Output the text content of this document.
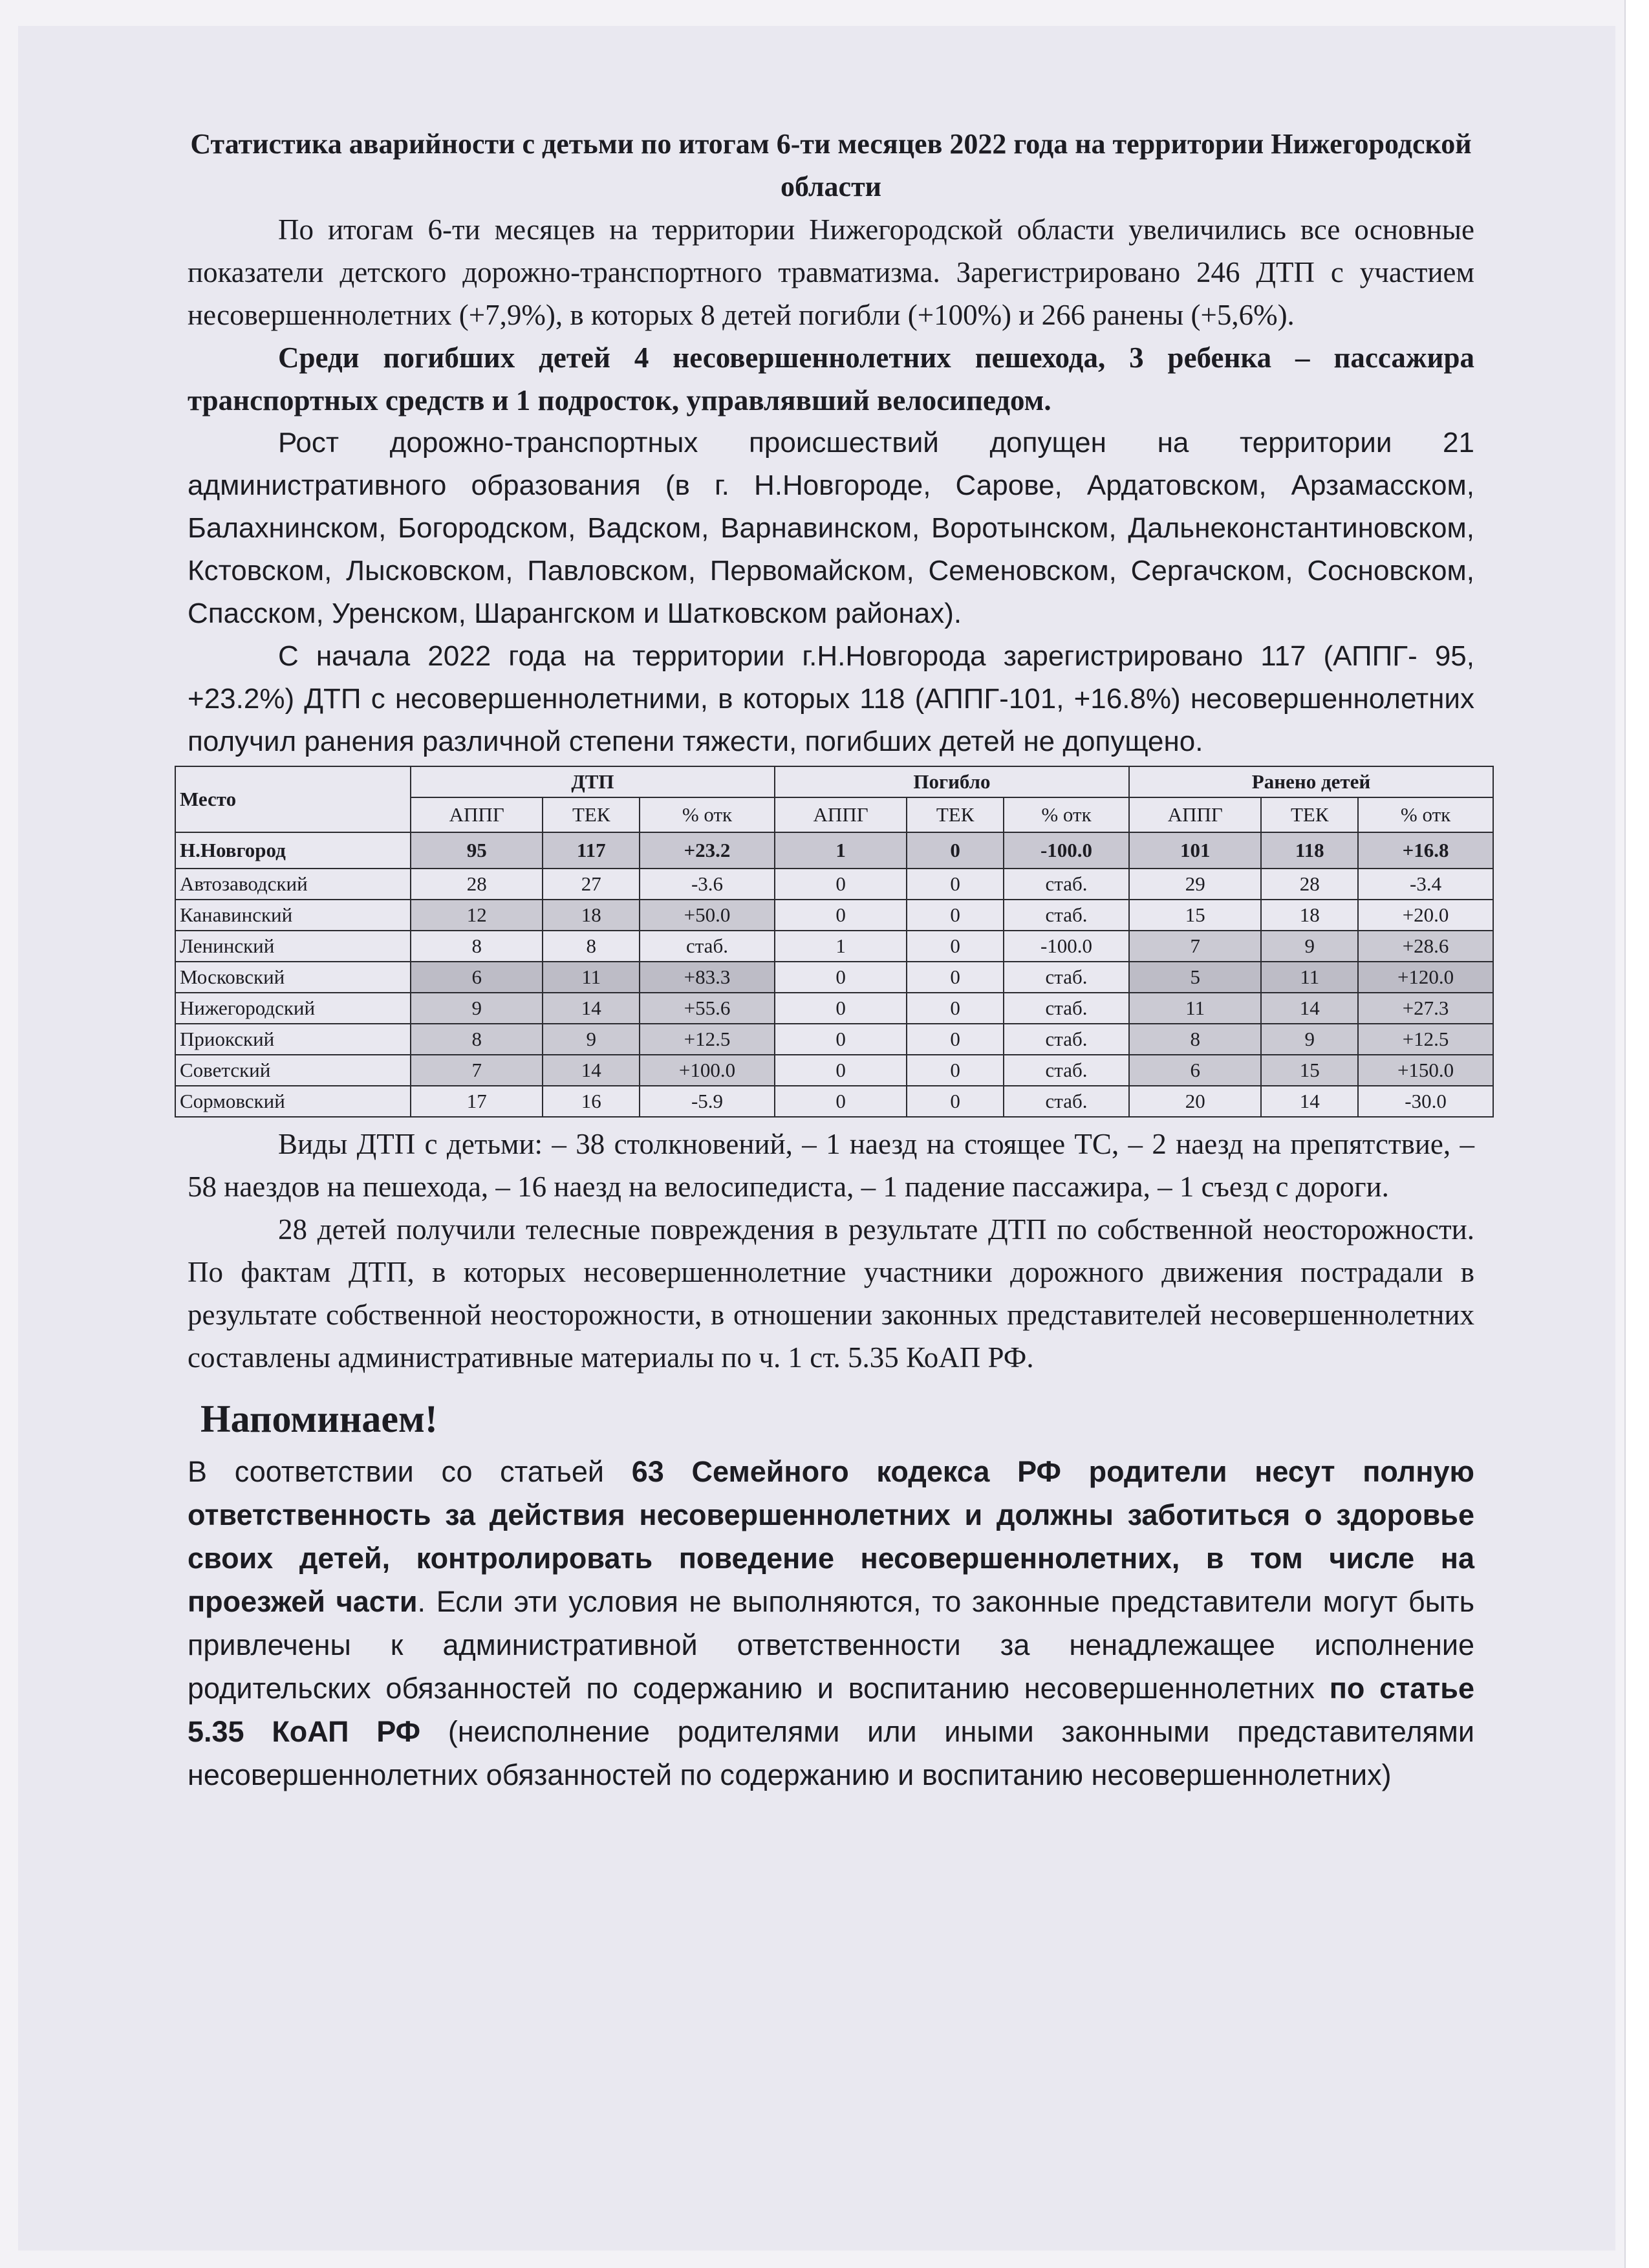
Статистика аварийности с детьми по итогам 6-ти месяцев 2022 года на территории Нижегородской области

По итогам 6-ти месяцев на территории Нижегородской области увеличились все основные показатели детского дорожно-транспортного травматизма. Зарегистрировано 246 ДТП с участием несовершеннолетних (+7,9%), в которых 8 детей погибли (+100%) и 266 ранены (+5,6%).

Среди погибших детей 4 несовершеннолетних пешехода, 3 ребенка – пассажира транспортных средств и 1 подросток, управлявший велосипедом.

Рост дорожно-транспортных происшествий допущен на территории 21 административного образования (в г. Н.Новгороде, Сарове, Ардатовском, Арзамасском, Балахнинском, Богородском, Вадском, Варнавинском, Воротынском, Дальнеконстантиновском, Кстовском, Лысковском, Павловском, Первомайском, Семеновском, Сергачском, Сосновском, Спасском, Уренском, Шарангском и Шатковском районах).

С начала 2022 года на территории г.Н.Новгорода зарегистрировано 117 (АППГ- 95, +23.2%) ДТП с несовершеннолетними, в которых 118 (АППГ-101, +16.8%) несовершеннолетних получил ранения различной степени тяжести, погибших детей не допущено.

Место	ДТП			Погибло			Ранено детей		
	АППГ	ТЕК	% отк	АППГ	ТЕК	% отк	АППГ	ТЕК	% отк
Н.Новгород	95	117	+23.2	1	0	-100.0	101	118	+16.8
Автозаводский	28	27	-3.6	0	0	стаб.	29	28	-3.4
Канавинский	12	18	+50.0	0	0	стаб.	15	18	+20.0
Ленинский	8	8	стаб.	1	0	-100.0	7	9	+28.6
Московский	6	11	+83.3	0	0	стаб.	5	11	+120.0
Нижегородский	9	14	+55.6	0	0	стаб.	11	14	+27.3
Приокский	8	9	+12.5	0	0	стаб.	8	9	+12.5
Советский	7	14	+100.0	0	0	стаб.	6	15	+150.0
Сормовский	17	16	-5.9	0	0	стаб.	20	14	-30.0

Виды ДТП с детьми: – 38 столкновений, – 1 наезд на стоящее ТС, – 2 наезд на препятствие, – 58 наездов на пешехода, – 16 наезд на велосипедиста, – 1 падение пассажира, – 1 съезд с дороги.

28 детей получили телесные повреждения в результате ДТП по собственной неосторожности. По фактам ДТП, в которых несовершеннолетние участники дорожного движения пострадали в результате собственной неосторожности, в отношении законных представителей несовершеннолетних составлены административные материалы по ч. 1 ст. 5.35 КоАП РФ.

Напоминаем!

В соответствии со статьей 63 Семейного кодекса РФ родители несут полную ответственность за действия несовершеннолетних и должны заботиться о здоровье своих детей, контролировать поведение несовершеннолетних, в том числе на проезжей части. Если эти условия не выполняются, то законные представители могут быть привлечены к административной ответственности за ненадлежащее исполнение родительских обязанностей по содержанию и воспитанию несовершеннолетних по статье 5.35 КоАП РФ (неисполнение родителями или иными законными представителями несовершеннолетних обязанностей по содержанию и воспитанию несовершеннолетних)
